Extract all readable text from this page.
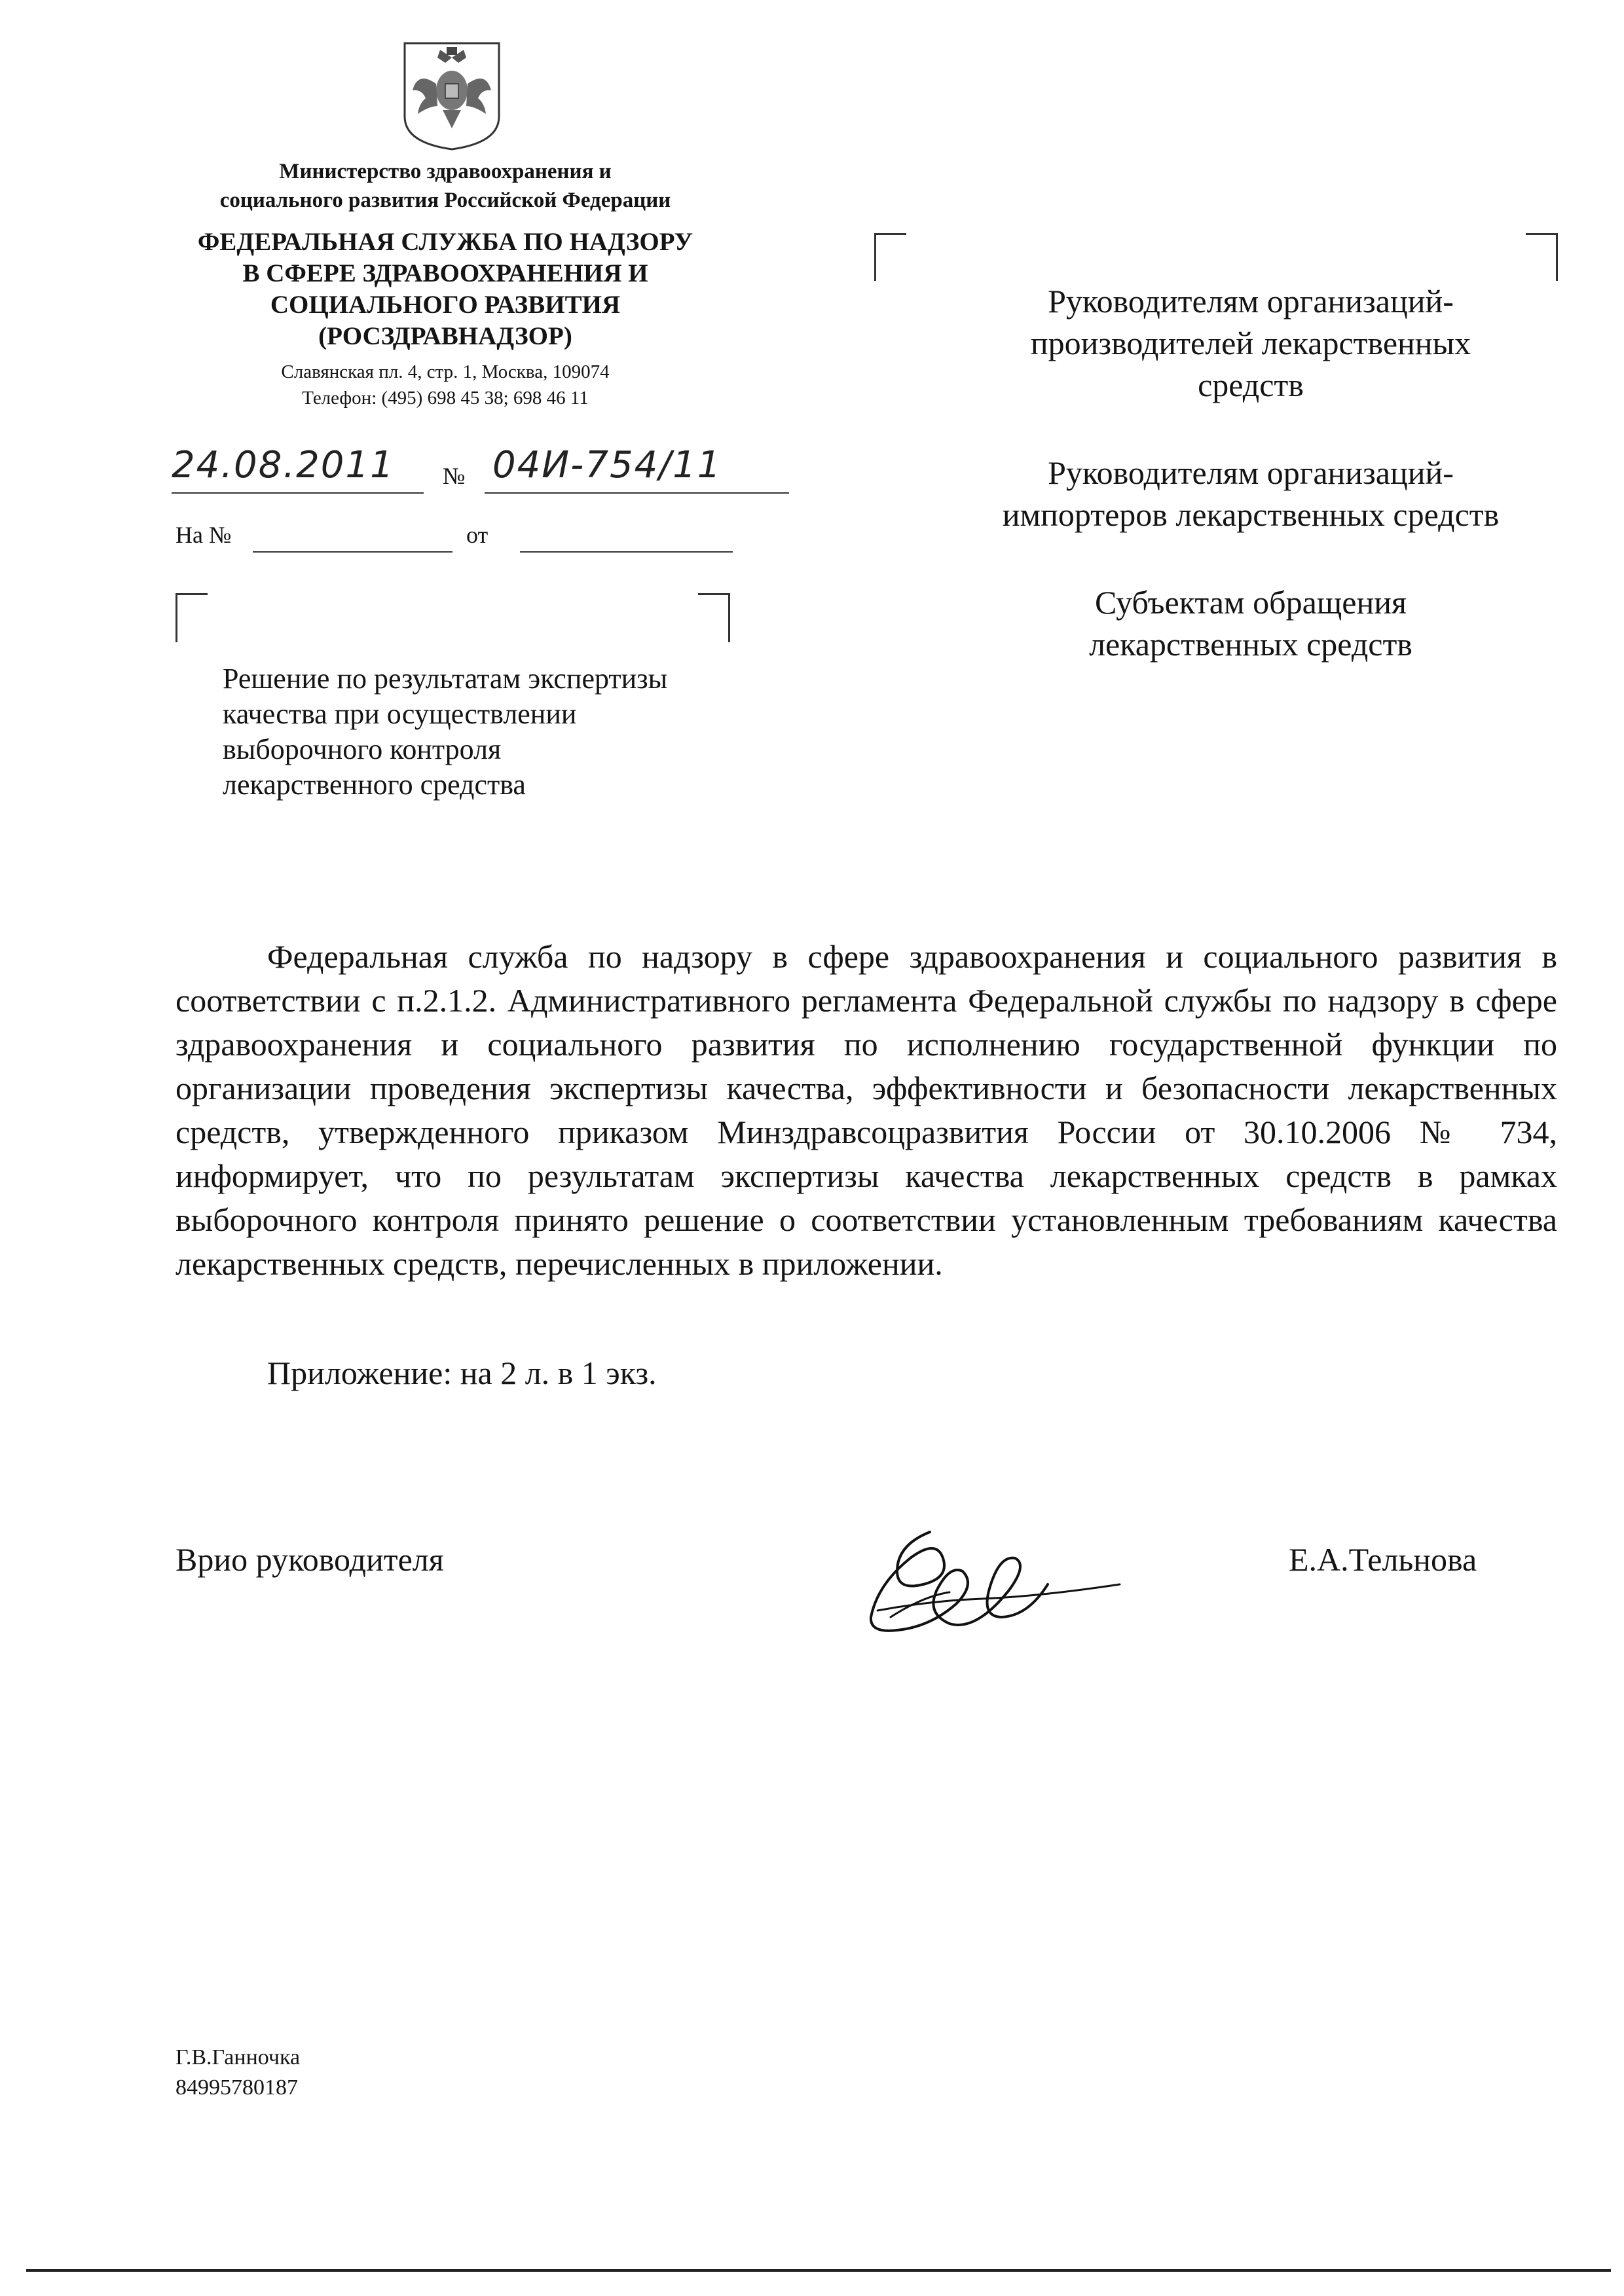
Министерство здравоохранения и
социального развития Российской Федерации
ФЕДЕРАЛЬНАЯ СЛУЖБА ПО НАДЗОРУ
В СФЕРЕ ЗДРАВООХРАНЕНИЯ И
СОЦИАЛЬНОГО РАЗВИТИЯ
(РОСЗДРАВНАДЗОР)
Славянская пл. 4, стр. 1, Москва, 109074
Телефон: (495) 698 45 38; 698 46 11
24.08.2011 № 04И-754/11
На №	от
Решение по результатам экспертизы
качества при осуществлении
выборочного контроля
лекарственного средства
Руководителям организаций-
производителей лекарственных
средств
Руководителям организаций-
импортеров лекарственных средств
Субъектам обращения
лекарственных средств
Федеральная служба по надзору в сфере здравоохранения и социального развития в соответствии с п.2.1.2. Административного регламента Федеральной службы по надзору в сфере здравоохранения и социального развития по исполнению государственной функции по организации проведения экспертизы качества, эффективности и безопасности лекарственных средств, утвержденного приказом Минздравсоцразвития России от 30.10.2006 № 734, информирует, что по результатам экспертизы качества лекарственных средств в рамках выборочного контроля принято решение о соответствии установленным требованиям качества лекарственных средств, перечисленных в приложении.
Приложение: на 2 л. в 1 экз.
Врио руководителя	Е.А.Тельнова
Г.В.Ганночка
84995780187
